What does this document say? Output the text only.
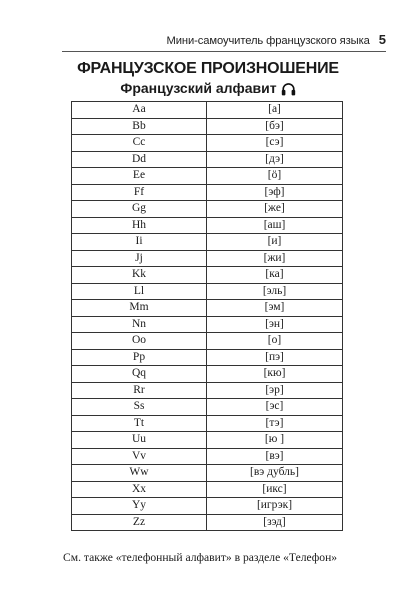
Мини-самоучитель французского языка 5
ФРАНЦУЗСКОЕ ПРОИЗНОШЕНИЕ
Французский алфавит
Aa	[а]
Bb	[бэ]
Cc	[сэ]
Dd	[дэ]
Ee	[ö]
Ff	[эф]
Gg	[же]
Hh	[аш]
Ii	[и]
Jj	[жи]
Kk	[ка]
Ll	[эль]
Mm	[эм]
Nn	[эн]
Oo	[о]
Pp	[пэ]
Qq	[кю]
Rr	[эр]
Ss	[эс]
Tt	[тэ]
Uu	[ю ]
Vv	[вэ]
Ww	[вэ дубль]
Xx	[икс]
Yy	[игрэк]
Zz	[зэд]
См. также «телефонный алфавит» в разделе «Телефон»
